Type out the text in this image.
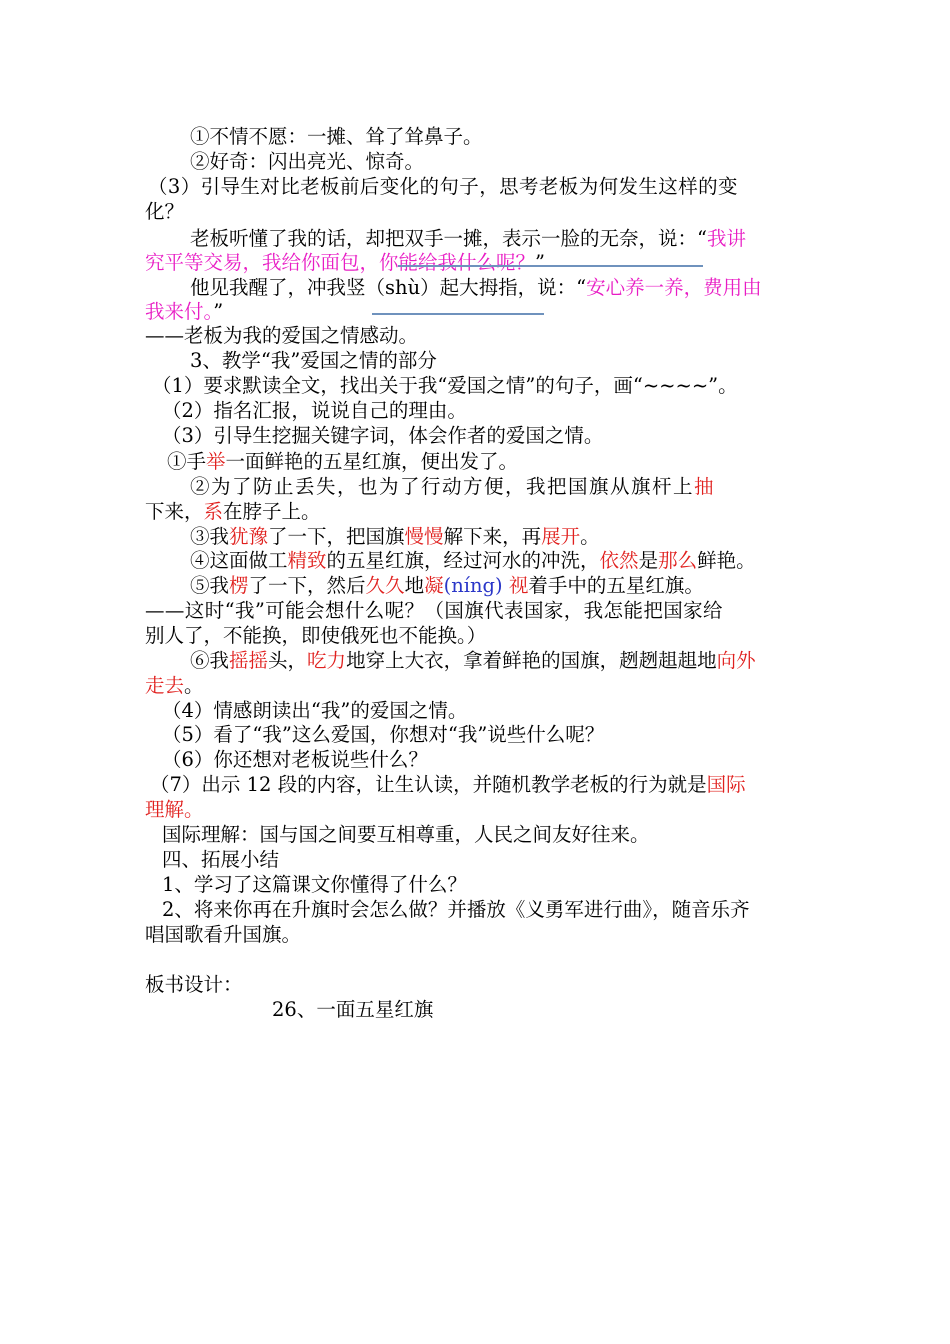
①不情不愿：一摊、耸了耸鼻子。
②好奇：闪出亮光、惊奇。
（3）引导生对比老板前后变化的句子，思考老板为何发生这样的变
化？
老板听懂了我的话，却把双手一摊，表示一脸的无奈，说：“我讲
究平等交易，我给你面包，你能给我什么呢？”
他见我醒了，冲我竖（shù）起大拇指，说：“安心养一养，费用由
我来付。”
——老板为我的爱国之情感动。
3、教学“我”爱国之情的部分
（1）要求默读全文，找出关于我“爱国之情”的句子，画“~~~~”。
（2）指名汇报，说说自己的理由。
（3）引导生挖掘关键字词，体会作者的爱国之情。
①手举一面鲜艳的五星红旗，便出发了。
②为了防止丢失，也为了行动方便，我把国旗从旗杆上抽
下来，系在脖子上。
③我犹豫了一下，把国旗慢慢解下来，再展开。
④这面做工精致的五星红旗，经过河水的冲洗，依然是那么鲜艳。
⑤我楞了一下，然后久久地凝(níng) 视着手中的五星红旗。
——这时“我”可能会想什么呢？（国旗代表国家，我怎能把国家给
别人了，不能换，即使俄死也不能换。）
⑥我摇摇头，吃力地穿上大衣，拿着鲜艳的国旗，趔趔趄趄地向外
走去。
（4）情感朗读出“我”的爱国之情。
（5）看了“我”这么爱国，你想对“我”说些什么呢？
（6）你还想对老板说些什么？
（7）出示 12 段的内容，让生认读，并随机教学老板的行为就是国际
理解。
国际理解：国与国之间要互相尊重，人民之间友好往来。
四、拓展小结
1、学习了这篇课文你懂得了什么？
2、将来你再在升旗时会怎么做？并播放《义勇军进行曲》，随音乐齐
唱国歌看升国旗。
板书设计：
26、一面五星红旗
